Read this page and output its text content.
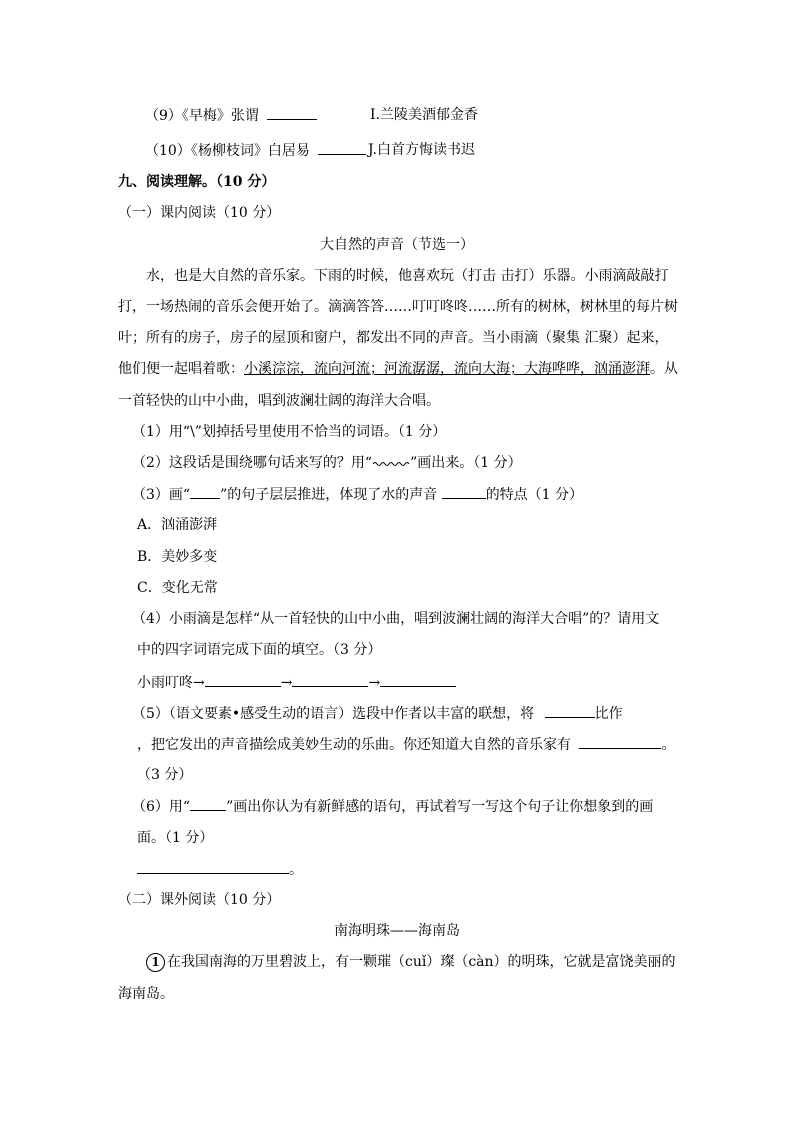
（9）《早梅》张谓	I.兰陵美酒郁金香
（10）《杨柳枝词》白居易	J.白首方悔读书迟
九、阅读理解。（10 分）
（一）课内阅读（10 分）
大自然的声音（节选一）
水，也是大自然的音乐家。下雨的时候，他喜欢玩（打击 击打）乐器。小雨滴敲敲打
打，一场热闹的音乐会便开始了。滴滴答答……叮叮咚咚……所有的树林，树林里的每片树
叶；所有的房子，房子的屋顶和窗户，都发出不同的声音。当小雨滴（聚集 汇聚）起来，
他们便一起唱着歌：小溪淙淙，流向河流；河流潺潺，流向大海；大海哗哗，汹涌澎湃。从
一首轻快的山中小曲，唱到波澜壮阔的海洋大合唱。
（1）用“\”划掉括号里使用不恰当的词语。（1 分）
（2）这段话是围绕哪句话来写的？用“	”画出来。（1 分）
（3）画“ ”的句子层层推进，体现了水的声音	的特点（1 分）
A．汹涌澎湃
B．美妙多变
C．变化无常
（4）小雨滴是怎样“从一首轻快的山中小曲，唱到波澜壮阔的海洋大合唱”的？请用文
中的四字词语完成下面的填空。（3 分）
小雨叮咚→	→	→
（5）（语文要素•感受生动的语言）选段中作者以丰富的联想，将	比作
，把它发出的声音描绘成美妙生动的乐曲。你还知道大自然的音乐家有	。
（3 分）
（6）用“	”画出你认为有新鲜感的语句，再试着写一写这个句子让你想象到的画
面。（1 分）
。
（二）课外阅读（10 分）
南海明珠——海南岛
1 在我国南海的万里碧波上，有一颗璀（cuǐ）璨（càn）的明珠，它就是富饶美丽的
海南岛。
